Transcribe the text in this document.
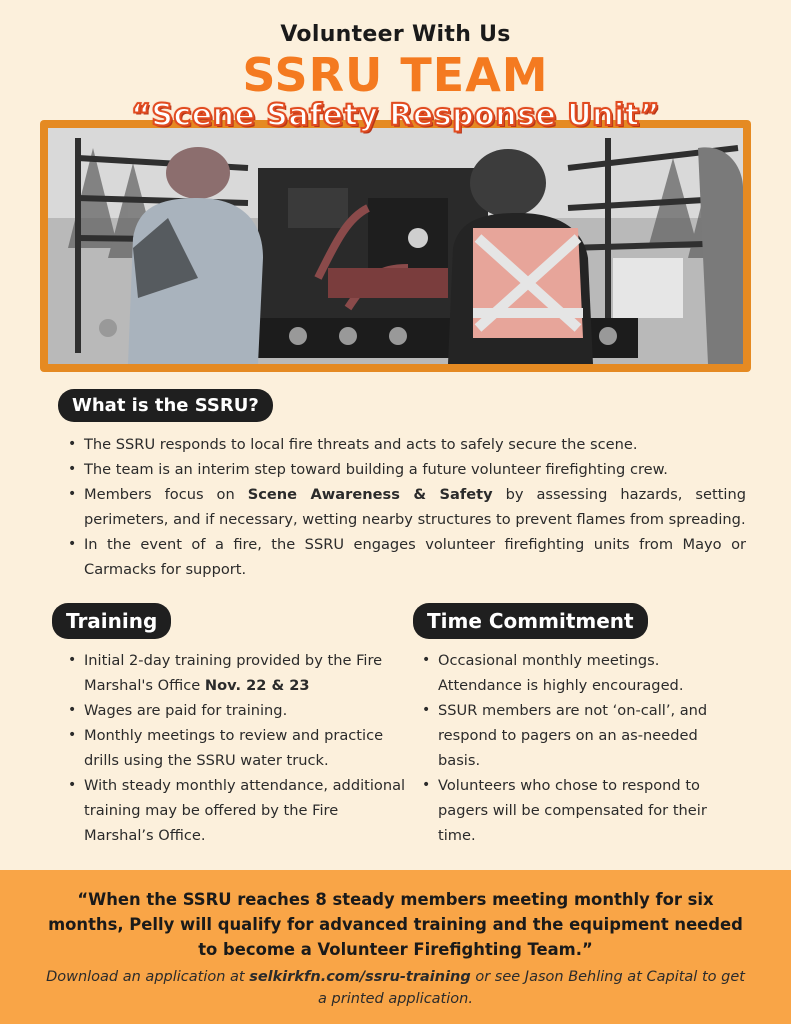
Volunteer With Us
SSRU TEAM
“Scene Safety Response Unit”
What is the SSRU?
• The SSRU responds to local fire threats and acts to safely secure the scene.
• The team is an interim step toward building a future volunteer firefighting crew.
• Members focus on Scene Awareness & Safety by assessing hazards, setting perimeters, and if necessary, wetting nearby structures to prevent flames from spreading.
• In the event of a fire, the SSRU engages volunteer firefighting units from Mayo or Carmacks for support.
Training
• Initial 2-day training provided by the Fire Marshal's Office Nov. 22 & 23
• Wages are paid for training.
• Monthly meetings to review and practice drills using the SSRU water truck.
• With steady monthly attendance, additional training may be offered by the Fire Marshal’s Office.
Time Commitment
• Occasional monthly meetings. Attendance is highly encouraged.
• SSUR members are not ‘on-call’, and respond to pagers on an as-needed basis.
• Volunteers who chose to respond to pagers will be compensated for their time.
“When the SSRU reaches 8 steady members meeting monthly for six months, Pelly will qualify for advanced training and the equipment needed to become a Volunteer Firefighting Team.”
Download an application at selkirkfn.com/ssru-training or see Jason Behling at Capital to get a printed application.
